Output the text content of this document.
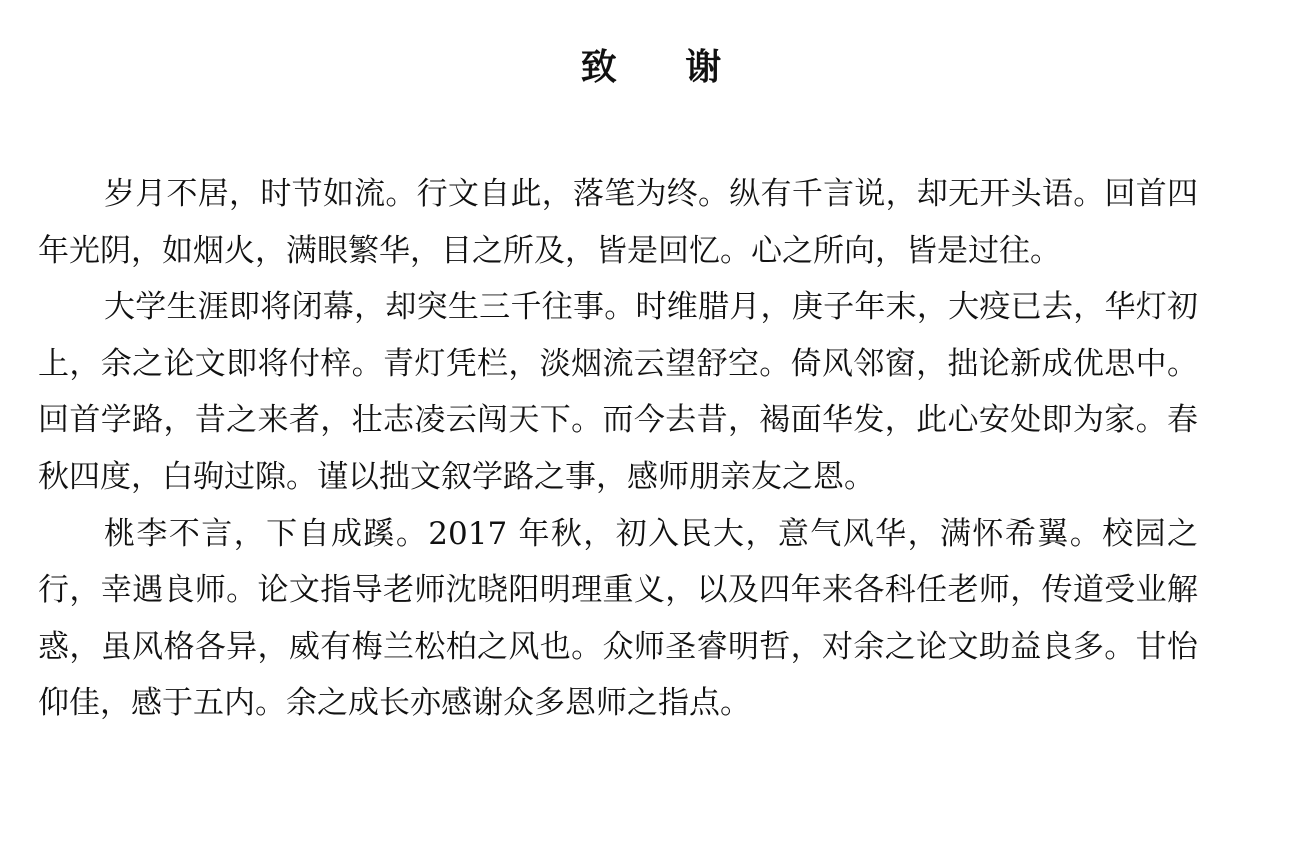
致 谢

岁月不居，时节如流。行文自此，落笔为终。纵有千言说，却无开头语。回首四年光阴，如烟火，满眼繁华，目之所及，皆是回忆。心之所向，皆是过往。

大学生涯即将闭幕，却突生三千往事。时维腊月，庚子年末，大疫已去，华灯初上，余之论文即将付梓。青灯凭栏，淡烟流云望舒空。倚风邻窗，拙论新成优思中。回首学路，昔之来者，壮志凌云闯天下。而今去昔，褐面华发，此心安处即为家。春秋四度，白驹过隙。谨以拙文叙学路之事，感师朋亲友之恩。

桃李不言，下自成蹊。2017 年秋，初入民大，意气风华，满怀希翼。校园之行，幸遇良师。论文指导老师沈晓阳明理重义，以及四年来各科任老师，传道受业解惑，虽风格各异，威有梅兰松柏之风也。众师圣睿明哲，对余之论文助益良多。甘怡仰佳，感于五内。余之成长亦感谢众多恩师之指点。
